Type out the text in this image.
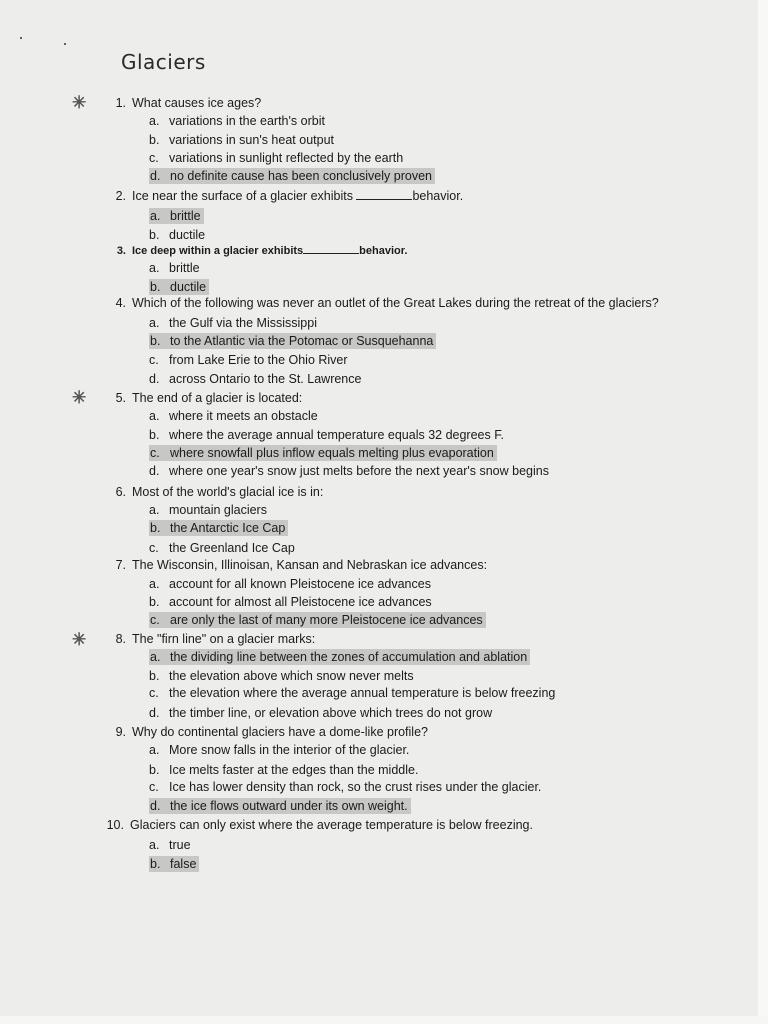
Glaciers
✳
✳
✳
1. What causes ice ages?
a. variations in the earth's orbit
b. variations in sun's heat output
c. variations in sunlight reflected by the earth
d. no definite cause has been conclusively proven
2. Ice near the surface of a glacier exhibits	behavior.
a. brittle
b. ductile
3. Ice deep within a glacier exhibits	behavior.
a. brittle
b. ductile
4. Which of the following was never an outlet of the Great Lakes during the retreat of the glaciers?
a. the Gulf via the Mississippi
b. to the Atlantic via the Potomac or Susquehanna
c. from Lake Erie to the Ohio River
d. across Ontario to the St. Lawrence
5. The end of a glacier is located:
a. where it meets an obstacle
b. where the average annual temperature equals 32 degrees F.
c. where snowfall plus inflow equals melting plus evaporation
d. where one year's snow just melts before the next year's snow begins
6. Most of the world's glacial ice is in:
a. mountain glaciers
b. the Antarctic Ice Cap
c. the Greenland Ice Cap
7. The Wisconsin, Illinoisan, Kansan and Nebraskan ice advances:
a. account for all known Pleistocene ice advances
b. account for almost all Pleistocene ice advances
c. are only the last of many more Pleistocene ice advances
8. The "firn line" on a glacier marks:
a. the dividing line between the zones of accumulation and ablation
b. the elevation above which snow never melts
c. the elevation where the average annual temperature is below freezing
d. the timber line, or elevation above which trees do not grow
9. Why do continental glaciers have a dome-like profile?
a. More snow falls in the interior of the glacier.
b. Ice melts faster at the edges than the middle.
c. Ice has lower density than rock, so the crust rises under the glacier.
d. the ice flows outward under its own weight.
10. Glaciers can only exist where the average temperature is below freezing.
a. true
b. false
